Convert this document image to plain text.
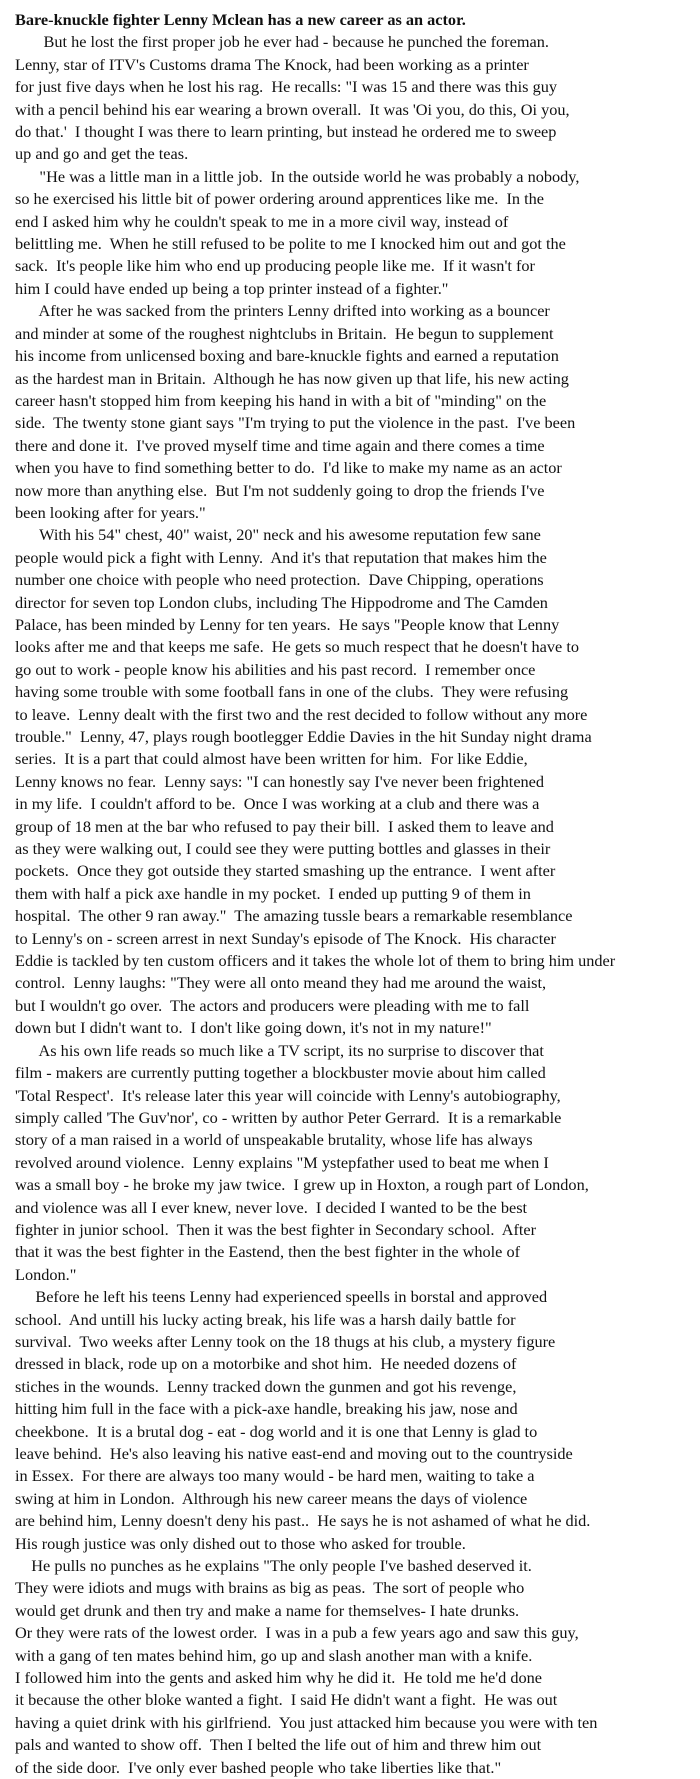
Bare-knuckle fighter Lenny Mclean has a new career as an actor.
But he lost the first proper job he ever had - because he punched the foreman.
Lenny, star of ITV's Customs drama The Knock, had been working as a printer
for just five days when he lost his rag.  He recalls: "I was 15 and there was this guy
with a pencil behind his ear wearing a brown overall.  It was 'Oi you, do this, Oi you,
do that.'  I thought I was there to learn printing, but instead he ordered me to sweep
up and go and get the teas.
"He was a little man in a little job.  In the outside world he was probably a nobody,
so he exercised his little bit of power ordering around apprentices like me.  In the
end I asked him why he couldn't speak to me in a more civil way, instead of
belittling me.  When he still refused to be polite to me I knocked him out and got the
sack.  It's people like him who end up producing people like me.  If it wasn't for
him I could have ended up being a top printer instead of a fighter."
After he was sacked from the printers Lenny drifted into working as a bouncer
and minder at some of the roughest nightclubs in Britain.  He begun to supplement
his income from unlicensed boxing and bare-knuckle fights and earned a reputation
as the hardest man in Britain.  Although he has now given up that life, his new acting
career hasn't stopped him from keeping his hand in with a bit of "minding" on the
side.  The twenty stone giant says "I'm trying to put the violence in the past.  I've been
there and done it.  I've proved myself time and time again and there comes a time
when you have to find something better to do.  I'd like to make my name as an actor
now more than anything else.  But I'm not suddenly going to drop the friends I've
been looking after for years."
With his 54" chest, 40" waist, 20" neck and his awesome reputation few sane
people would pick a fight with Lenny.  And it's that reputation that makes him the
number one choice with people who need protection.  Dave Chipping, operations
director for seven top London clubs, including The Hippodrome and The Camden
Palace, has been minded by Lenny for ten years.  He says "People know that Lenny
looks after me and that keeps me safe.  He gets so much respect that he doesn't have to
go out to work - people know his abilities and his past record.  I remember once
having some trouble with some football fans in one of the clubs.  They were refusing
to leave.  Lenny dealt with the first two and the rest decided to follow without any more
trouble."  Lenny, 47, plays rough bootlegger Eddie Davies in the hit Sunday night drama
series.  It is a part that could almost have been written for him.  For like Eddie,
Lenny knows no fear.  Lenny says: "I can honestly say I've never been frightened
in my life.  I couldn't afford to be.  Once I was working at a club and there was a
group of 18 men at the bar who refused to pay their bill.  I asked them to leave and
as they were walking out, I could see they were putting bottles and glasses in their
pockets.  Once they got outside they started smashing up the entrance.  I went after
them with half a pick axe handle in my pocket.  I ended up putting 9 of them in
hospital.  The other 9 ran away."  The amazing tussle bears a remarkable resemblance
to Lenny's on - screen arrest in next Sunday's episode of The Knock.  His character
Eddie is tackled by ten custom officers and it takes the whole lot of them to bring him under
control.  Lenny laughs: "They were all onto meand they had me around the waist,
but I wouldn't go over.  The actors and producers were pleading with me to fall
down but I didn't want to.  I don't like going down, it's not in my nature!"
As his own life reads so much like a TV script, its no surprise to discover that
film - makers are currently putting together a blockbuster movie about him called
'Total Respect'.  It's release later this year will coincide with Lenny's autobiography,
simply called 'The Guv'nor', co - written by author Peter Gerrard.  It is a remarkable
story of a man raised in a world of unspeakable brutality, whose life has always
revolved around violence.  Lenny explains "M ystepfather used to beat me when I
was a small boy - he broke my jaw twice.  I grew up in Hoxton, a rough part of London,
and violence was all I ever knew, never love.  I decided I wanted to be the best
fighter in junior school.  Then it was the best fighter in Secondary school.  After
that it was the best fighter in the Eastend, then the best fighter in the whole of
London."
Before he left his teens Lenny had experienced speells in borstal and approved
school.  And untill his lucky acting break, his life was a harsh daily battle for
survival.  Two weeks after Lenny took on the 18 thugs at his club, a mystery figure
dressed in black, rode up on a motorbike and shot him.  He needed dozens of
stiches in the wounds.  Lenny tracked down the gunmen and got his revenge,
hitting him full in the face with a pick-axe handle, breaking his jaw, nose and
cheekbone.  It is a brutal dog - eat - dog world and it is one that Lenny is glad to
leave behind.  He's also leaving his native east-end and moving out to the countryside
in Essex.  For there are always too many would - be hard men, waiting to take a
swing at him in London.  Althrough his new career means the days of violence
are behind him, Lenny doesn't deny his past..  He says he is not ashamed of what he did.
His rough justice was only dished out to those who asked for trouble.
He pulls no punches as he explains "The only people I've bashed deserved it.
They were idiots and mugs with brains as big as peas.  The sort of people who
would get drunk and then try and make a name for themselves- I hate drunks.
Or they were rats of the lowest order.  I was in a pub a few years ago and saw this guy,
with a gang of ten mates behind him, go up and slash another man with a knife.
I followed him into the gents and asked him why he did it.  He told me he'd done
it because the other bloke wanted a fight.  I said He didn't want a fight.  He was out
having a quiet drink with his girlfriend.  You just attacked him because you were with ten
pals and wanted to show off.  Then I belted the life out of him and threw him out
of the side door.  I've only ever bashed people who take liberties like that."
